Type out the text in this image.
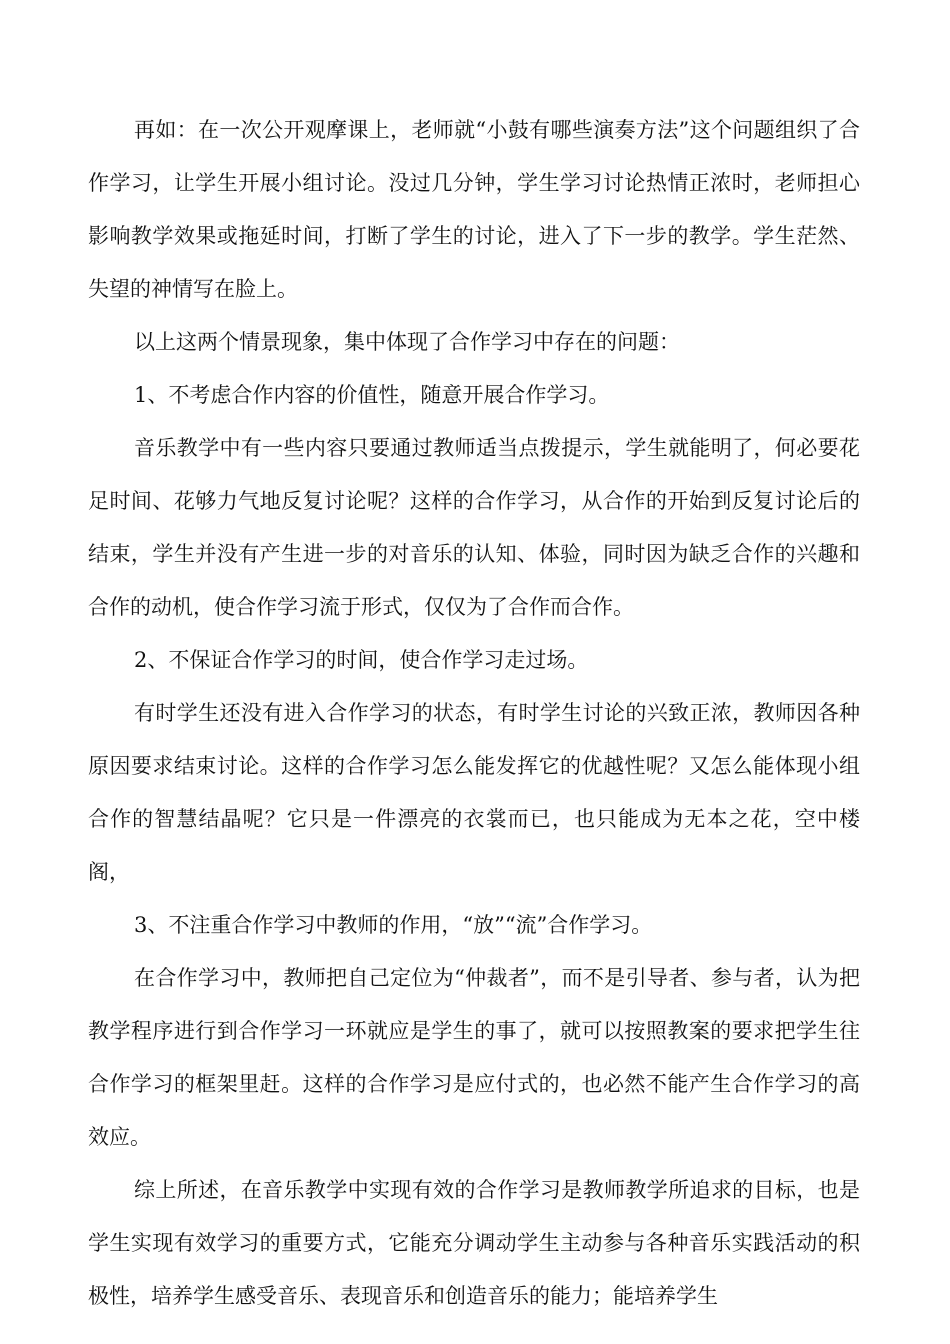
再如：在一次公开观摩课上，老师就“小鼓有哪些演奏方法”这个问题组织了合作学习，让学生开展小组讨论。没过几分钟，学生学习讨论热情正浓时，老师担心影响教学效果或拖延时间，打断了学生的讨论，进入了下一步的教学。学生茫然、失望的神情写在脸上。

以上这两个情景现象，集中体现了合作学习中存在的问题：

1、不考虑合作内容的价值性，随意开展合作学习。

音乐教学中有一些内容只要通过教师适当点拨提示，学生就能明了，何必要花足时间、花够力气地反复讨论呢？这样的合作学习，从合作的开始到反复讨论后的结束，学生并没有产生进一步的对音乐的认知、体验，同时因为缺乏合作的兴趣和合作的动机，使合作学习流于形式，仅仅为了合作而合作。

2、不保证合作学习的时间，使合作学习走过场。

有时学生还没有进入合作学习的状态，有时学生讨论的兴致正浓，教师因各种原因要求结束讨论。这样的合作学习怎么能发挥它的优越性呢？又怎么能体现小组合作的智慧结晶呢？它只是一件漂亮的衣裳而已，也只能成为无本之花，空中楼阁，

3、不注重合作学习中教师的作用，“放”“流”合作学习。

在合作学习中，教师把自己定位为“仲裁者”，而不是引导者、参与者，认为把教学程序进行到合作学习一环就应是学生的事了，就可以按照教案的要求把学生往合作学习的框架里赶。这样的合作学习是应付式的，也必然不能产生合作学习的高效应。

综上所述，在音乐教学中实现有效的合作学习是教师教学所追求的目标，也是学生实现有效学习的重要方式，它能充分调动学生主动参与各种音乐实践活动的积极性，培养学生感受音乐、表现音乐和创造音乐的能力；能培养学生
